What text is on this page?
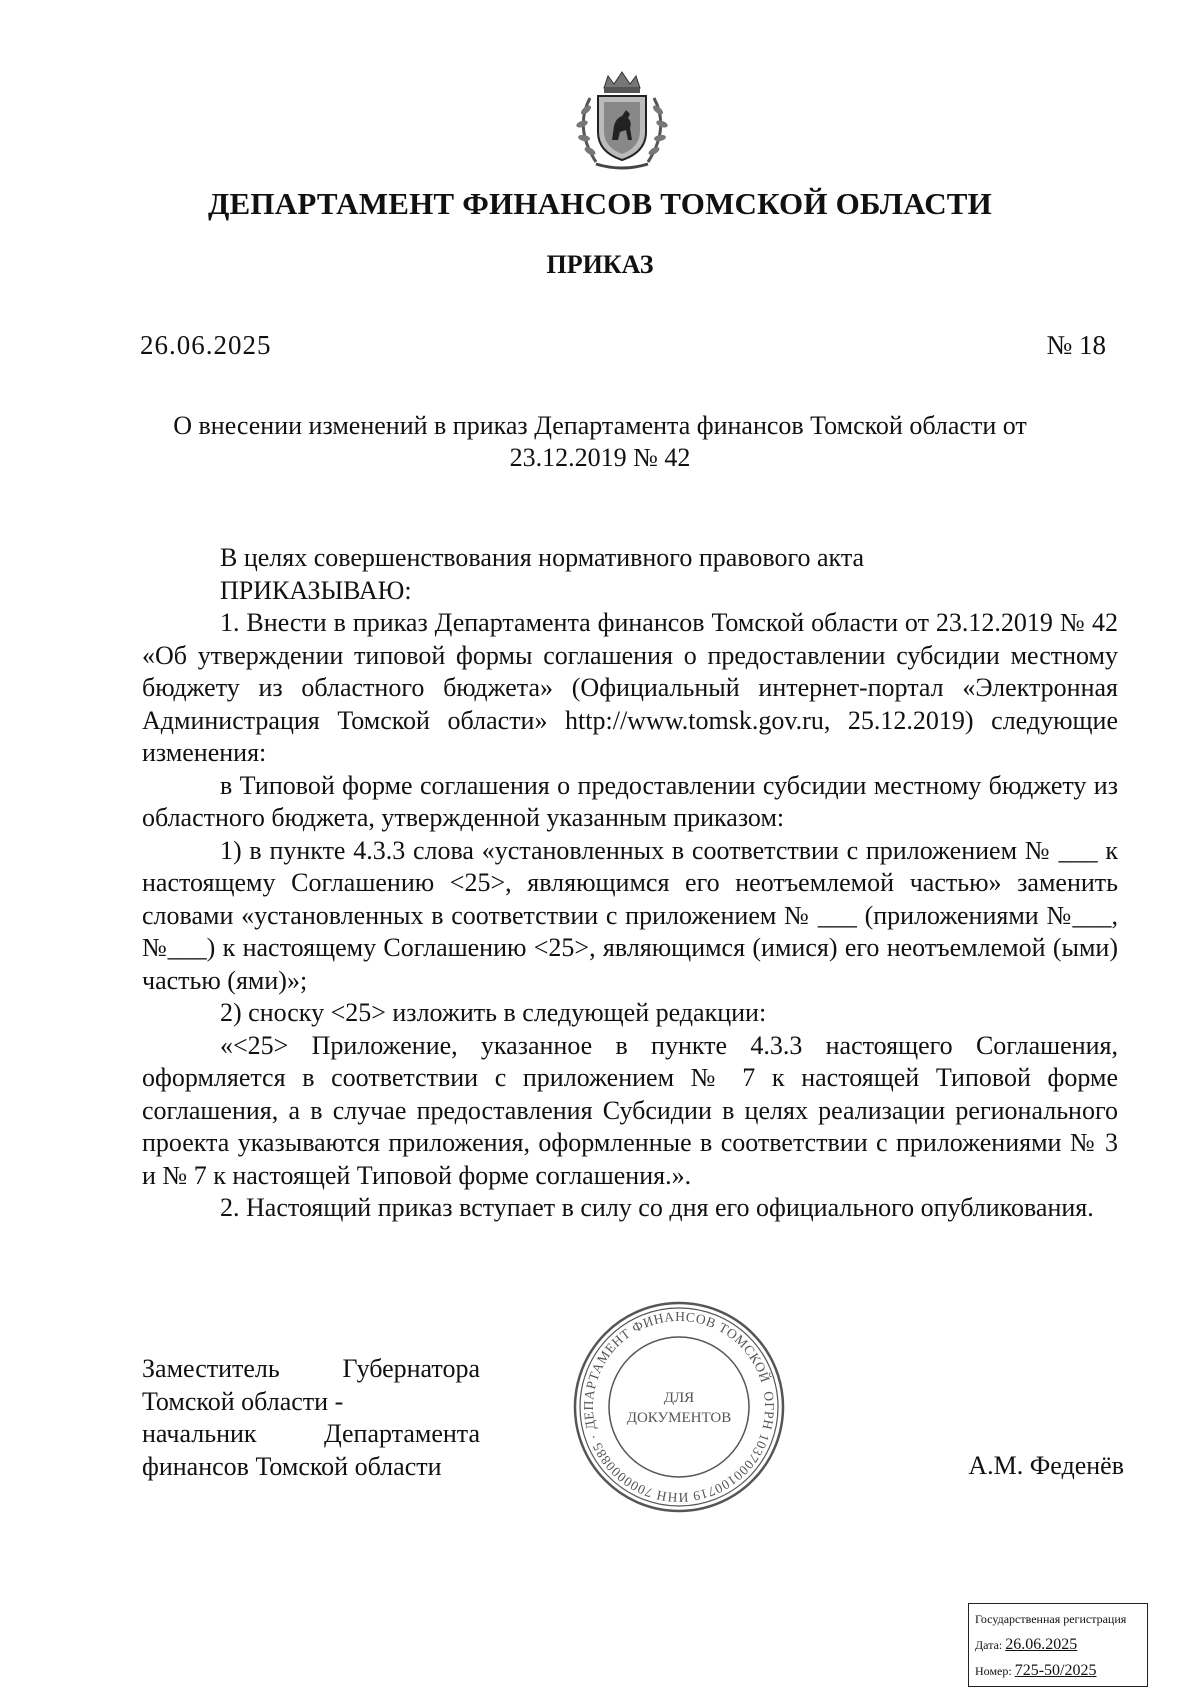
ДЕПАРТАМЕНТ ФИНАНСОВ ТОМСКОЙ ОБЛАСТИ
ПРИКАЗ
26.06.2025	№ 18
О внесении изменений в приказ Департамента финансов Томской области от
23.12.2019 № 42

В целях совершенствования нормативного правового акта

ПРИКАЗЫВАЮ:

1. Внести в приказ Департамента финансов Томской области от 23.12.2019 № 42 «Об утверждении типовой формы соглашения о предоставлении субсидии местному бюджету из областного бюджета» (Официальный интернет-портал «Электронная Администрация Томской области» http://www.tomsk.gov.ru, 25.12.2019) следующие изменения:

в Типовой форме соглашения о предоставлении субсидии местному бюджету из областного бюджета, утвержденной указанным приказом:

1) в пункте 4.3.3 слова «установленных в соответствии с приложением № ___ к настоящему Соглашению <25>, являющимся его неотъемлемой частью» заменить словами «установленных в соответствии с приложением № ___ (приложениями №___, №___) к настоящему Соглашению <25>, являющимся (имися) его неотъемлемой (ыми) частью (ями)»;

2) сноску <25> изложить в следующей редакции:

«<25> Приложение, указанное в пункте 4.3.3 настоящего Соглашения, оформляется в соответствии с приложением № 7 к настоящей Типовой форме соглашения, а в случае предоставления Субсидии в целях реализации регионального проекта указываются приложения, оформленные в соответствии с приложениями № 3 и № 7 к настоящей Типовой форме соглашения.».

2. Настоящий приказ вступает в силу со дня его официального опубликования.

Заместитель Губернатора
Томской области -
начальник Департамента
финансов Томской области
ОГРН 1037000100719 ИНН 7000000885 · ДЕПАРТАМЕНТ ФИНАНСОВ ТОМСКОЙ
ДЛЯ
ДОКУМЕНТОВ
А.М. Феденёв
Государственная регистрация
Дата: 26.06.2025
Номер: 725-50/2025
